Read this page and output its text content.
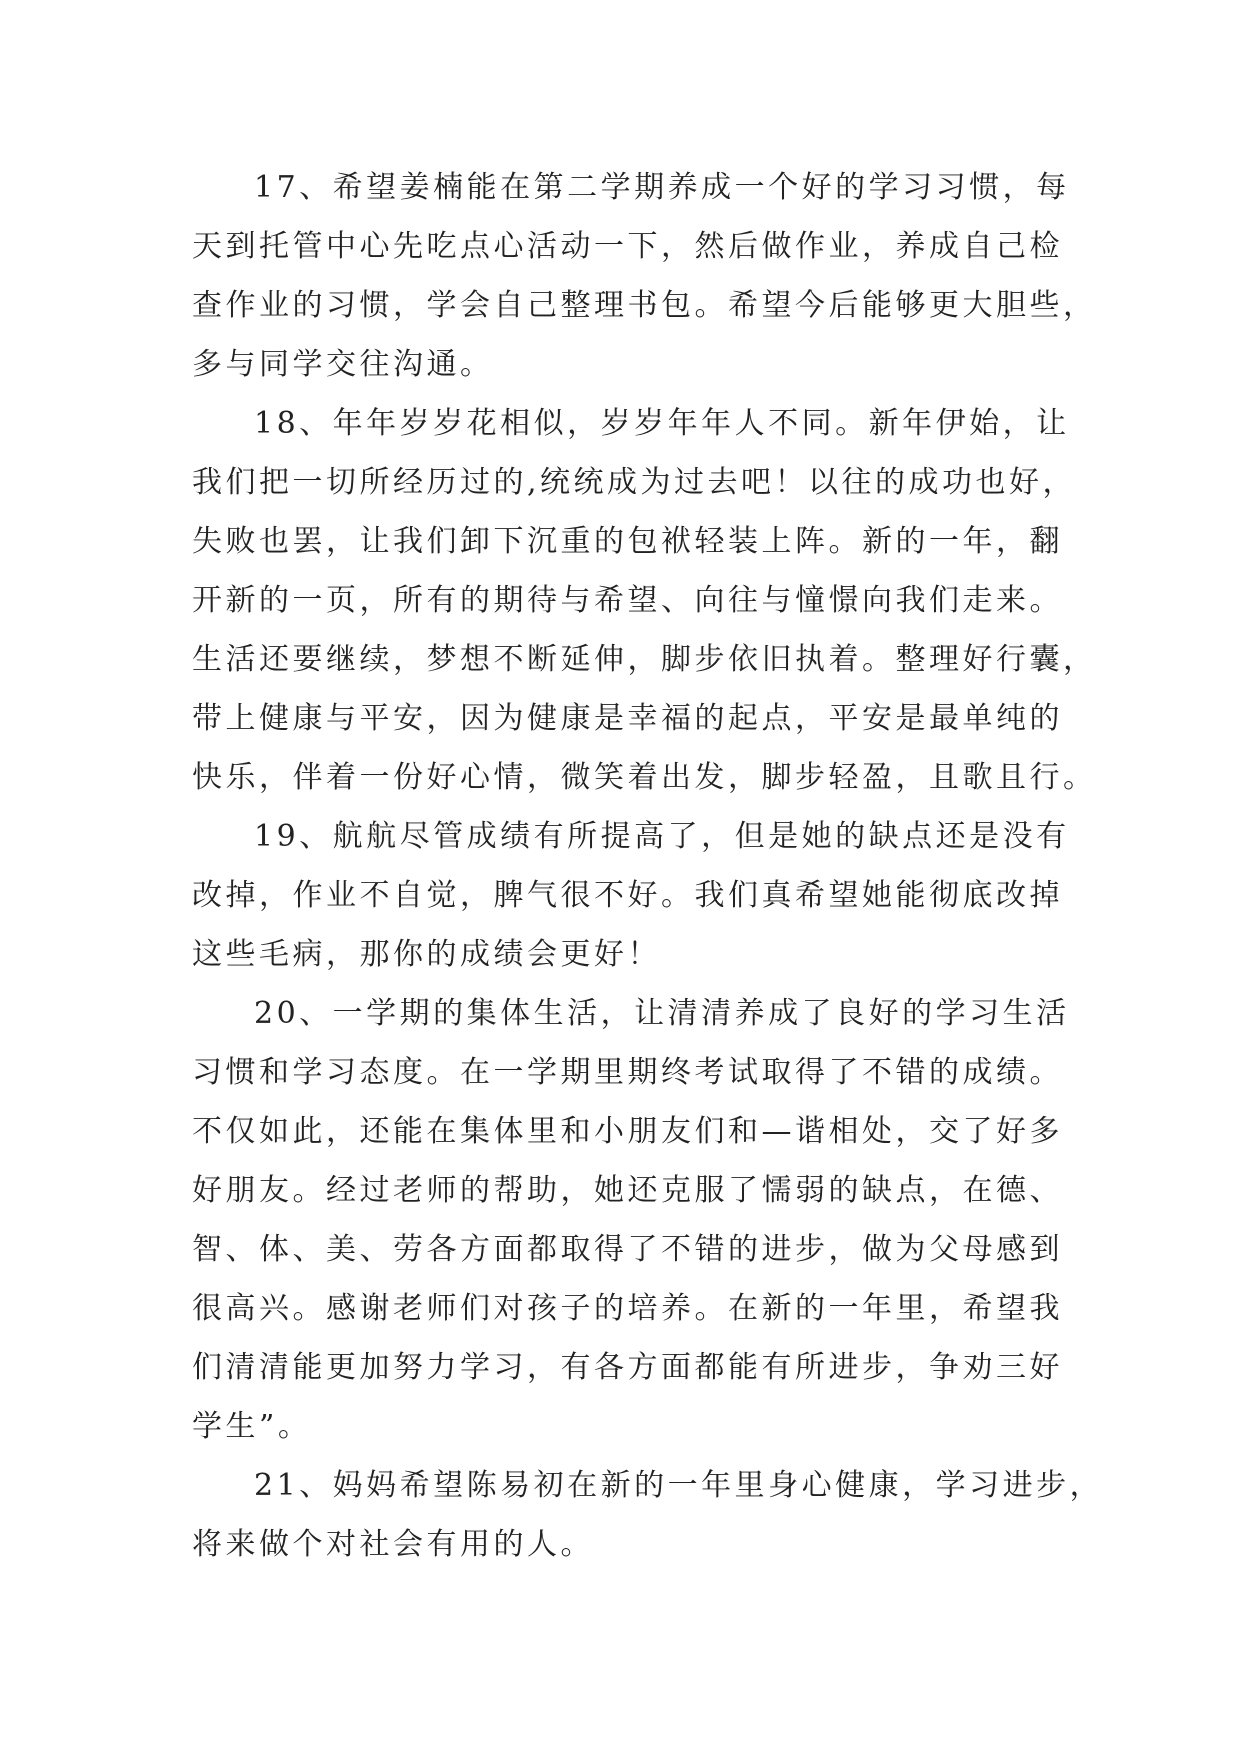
17、希望姜楠能在第二学期养成一个好的学习习惯，每
天到托管中心先吃点心活动一下，然后做作业，养成自己检
查作业的习惯，学会自己整理书包。希望今后能够更大胆些，
多与同学交往沟通。

18、年年岁岁花相似，岁岁年年人不同。新年伊始，让
我们把一切所经历过的,统统成为过去吧！以往的成功也好，
失败也罢，让我们卸下沉重的包袱轻装上阵。新的一年，翻
开新的一页，所有的期待与希望、向往与憧憬向我们走来。
生活还要继续，梦想不断延伸，脚步依旧执着。整理好行囊，
带上健康与平安，因为健康是幸福的起点，平安是最单纯的
快乐，伴着一份好心情，微笑着出发，脚步轻盈，且歌且行。

19、航航尽管成绩有所提高了，但是她的缺点还是没有
改掉，作业不自觉，脾气很不好。我们真希望她能彻底改掉
这些毛病，那你的成绩会更好！

20、一学期的集体生活，让清清养成了良好的学习生活
习惯和学习态度。在一学期里期终考试取得了不错的成绩。
不仅如此，还能在集体里和小朋友们和—谐相处，交了好多
好朋友。经过老师的帮助，她还克服了懦弱的缺点，在德、
智、体、美、劳各方面都取得了不错的进步，做为父母感到
很高兴。感谢老师们对孩子的培养。在新的一年里，希望我
们清清能更加努力学习，有各方面都能有所进步，争劝三好
学生”。

21、妈妈希望陈易初在新的一年里身心健康，学习进步，
将来做个对社会有用的人。
